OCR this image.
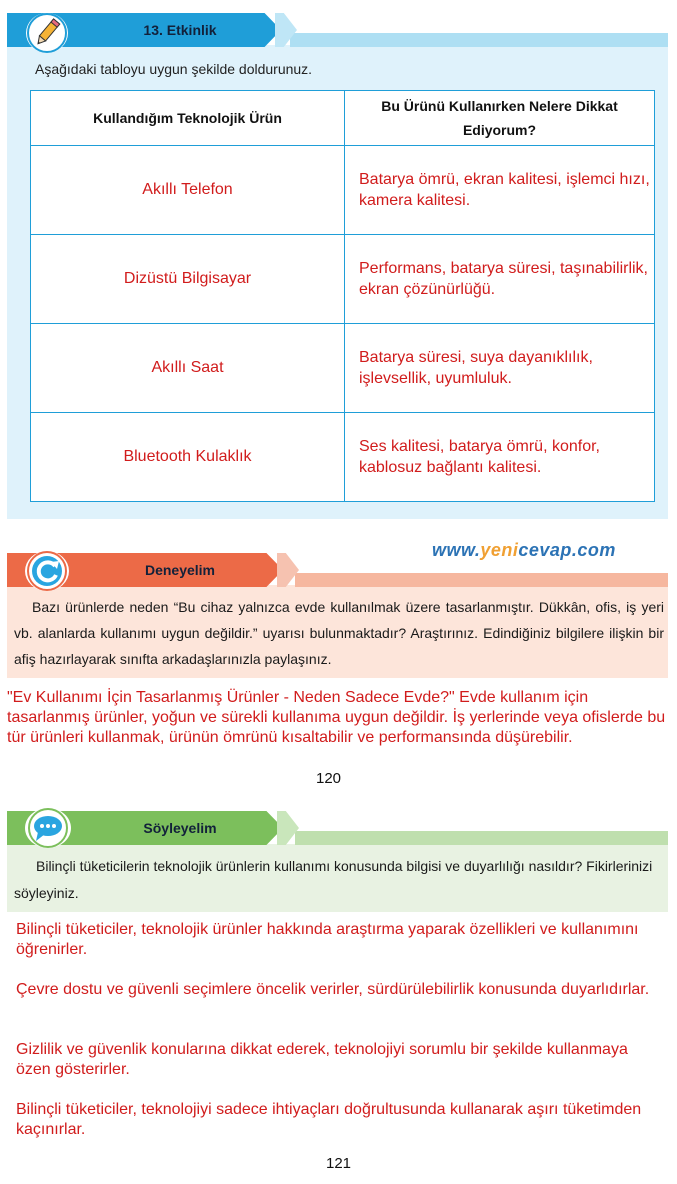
13. Etkinlik
Aşağıdaki tabloyu uygun şekilde doldurunuz.
Kullandığım Teknolojik Ürün	Bu Ürünü Kullanırken Nelere Dikkat Ediyorum?
Akıllı Telefon	Batarya ömrü, ekran kalitesi, işlemci hızı, kamera kalitesi.
Dizüstü Bilgisayar	Performans, batarya süresi, taşınabilirlik, ekran çözünürlüğü.
Akıllı Saat	Batarya süresi, suya dayanıklılık, işlevsellik, uyumluluk.
Bluetooth Kulaklık	Ses kalitesi, batarya ömrü, konfor, kablosuz bağlantı kalitesi.
www.yenicevap.com
Deneyelim
Bazı ürünlerde neden “Bu cihaz yalnızca evde kullanılmak üzere tasarlanmıştır. Dükkân, ofis, iş yeri vb. alanlarda kullanımı uygun değildir.” uyarısı bulunmaktadır? Araştırınız. Edindiğiniz bilgilere ilişkin bir afiş hazırlayarak sınıfta arkadaşlarınızla paylaşınız.
"Ev Kullanımı İçin Tasarlanmış Ürünler - Neden Sadece Evde?" Evde kullanım için tasarlanmış ürünler, yoğun ve sürekli kullanıma uygun değildir. İş yerlerinde veya ofislerde bu tür ürünleri kullanmak, ürünün ömrünü kısaltabilir ve performansında düşürebilir.
120
Söyleyelim
Bilinçli tüketicilerin teknolojik ürünlerin kullanımı konusunda bilgisi ve duyarlılığı nasıldır? Fikirlerinizi söyleyiniz.
Bilinçli tüketiciler, teknolojik ürünler hakkında araştırma yaparak özellikleri ve kullanımını öğrenirler.
Çevre dostu ve güvenli seçimlere öncelik verirler, sürdürülebilirlik konusunda duyarlıdırlar.
Gizlilik ve güvenlik konularına dikkat ederek, teknolojiyi sorumlu bir şekilde kullanmaya özen gösterirler.
Bilinçli tüketiciler, teknolojiyi sadece ihtiyaçları doğrultusunda kullanarak aşırı tüketimden kaçınırlar.
121
